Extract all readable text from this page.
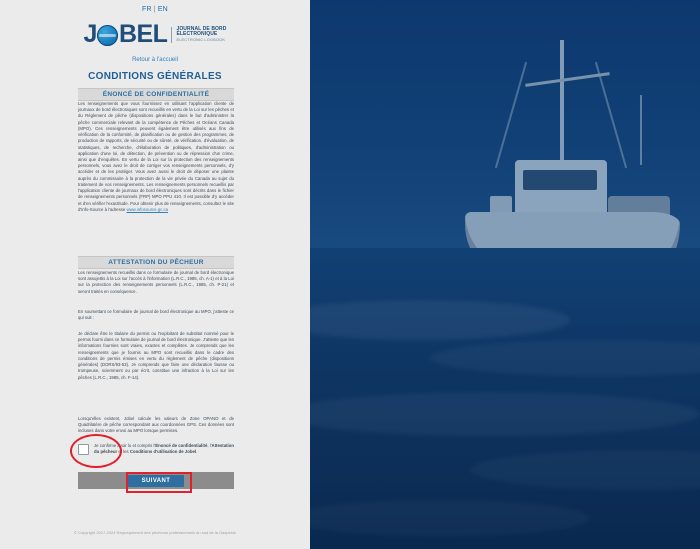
FR | EN
J BEL JOURNAL DE BORD
ÉLECTRONIQUE
ELECTRONIC LOGBOOK
Retour à l'accueil
CONDITIONS GÉNÉRALES
ÉNONCÉ DE CONFIDENTIALITÉ
Les renseignements que vous fournissez en utilisant l'application cliente de journaux de bord électroniques sont recueillis en vertu de la Loi sur les pêches et du Règlement de pêche (dispositions générales) dans le but d'administrer la pêche commerciale relevant de la compétence de Pêches et Océans Canada (MPO). Ces renseignements peuvent également être utilisés aux fins de vérification de la conformité, de planification ou de gestion des programmes, de production de rapports, de sécurité ou de sûreté, de vérification, d'évaluation, de statistiques, de recherche, d'élaboration de politiques, d'administration ou application d'une loi, de détection, de prévention ou de répression d'un crime, ainsi que d'enquêtes. En vertu de la Loi sur la protection des renseignements personnels, vous avez le droit de corriger vos renseignements personnels, d'y accéder et de les protéger. Vous avez aussi le droit de déposer une plainte auprès du commissaire à la protection de la vie privée du Canada au sujet du traitement de vos renseignements. Les renseignements personnels recueillis par l'application cliente de journaux de bord électroniques sont décrits dans le fichier de renseignements personnels (FRP) MPO PPU 410. Il est possible d'y accéder et d'en vérifier l'exactitude. Pour obtenir plus de renseignements, consultez le site d'Info-Source à l'adresse www.infosource.gc.ca
ATTESTATION DU PÊCHEUR
Les renseignements recueillis dans ce formulaire de journal de bord électronique sont assujettis à la Loi sur l'accès à l'information (L.R.C., 1985, ch. A-1) et à la Loi sur la protection des renseignements personnels (L.R.C., 1985, ch. P-21) et seront traités en conséquence.
En soumettant ce formulaire de journal de bord électronique au MPO, j'atteste ce qui suit :
Je déclare être le titulaire du permis ou l'exploitant de substitut nommé pour le permis fourni dans ce formulaire de journal de bord électronique. J'atteste que les informations fournies sont vraies, exactes et complètes. Je comprends que les renseignements que je fournis au MPO sont recueillis dans le cadre des conditions de permis émises en vertu du règlement de pêche (dispositions générales) (DORS/93-53). Je comprends que faire une déclaration fausse ou trompeuse, sciemment ou par écrit, constitue une infraction à la Loi sur les pêches (L.R.C., 1985, ch. F-14).
Lorsqu'elles existent, Jobel calcule les valeurs de Zone OPANO et de Quadrilatère de pêche correspondant aux coordonnées GPS. Ces données sont incluses dans votre envoi au MPO lorsque permises.
Je confirme avoir lu et compris l'Énoncé de confidentialité, l'Attestation du pêcheur et les Conditions d'utilisation de Jobel.
SUIVANT
© Copyright 2017-2024 Regroupement des pêcheurs professionnels du sud de la Gaspésie
